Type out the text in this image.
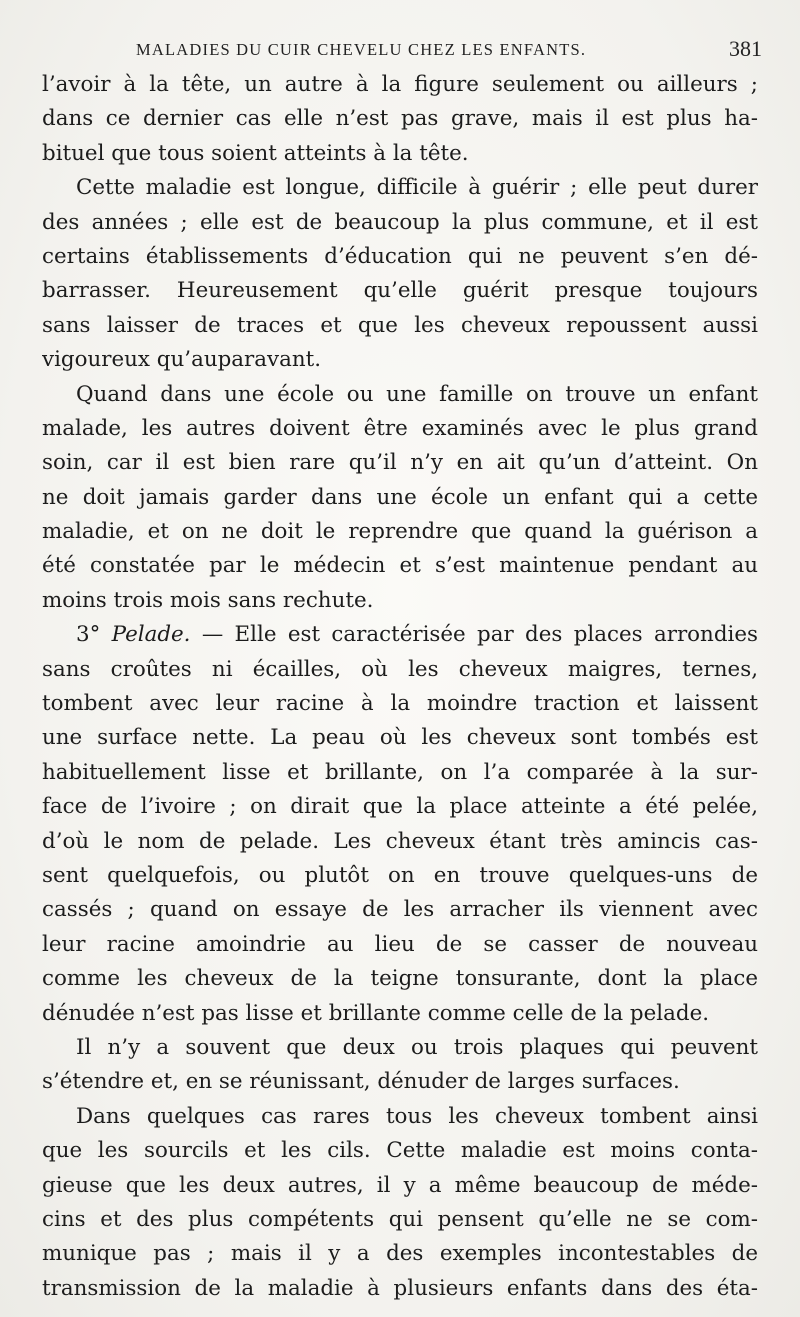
MALADIES DU CUIR CHEVELU CHEZ LES ENFANTS.	381
l’avoir à la tête, un autre à la figure seulement ou ailleurs ;
dans ce dernier cas elle n’est pas grave, mais il est plus ha-
bituel que tous soient atteints à la tête.
Cette maladie est longue, difficile à guérir ; elle peut durer
des années ; elle est de beaucoup la plus commune, et il est
certains établissements d’éducation qui ne peuvent s’en dé-
barrasser. Heureusement qu’elle guérit presque toujours
sans laisser de traces et que les cheveux repoussent aussi
vigoureux qu’auparavant.
Quand dans une école ou une famille on trouve un enfant
malade, les autres doivent être examinés avec le plus grand
soin, car il est bien rare qu’il n’y en ait qu’un d’atteint. On
ne doit jamais garder dans une école un enfant qui a cette
maladie, et on ne doit le reprendre que quand la guérison a
été constatée par le médecin et s’est maintenue pendant au
moins trois mois sans rechute.
3° Pelade. — Elle est caractérisée par des places arrondies
sans croûtes ni écailles, où les cheveux maigres, ternes,
tombent avec leur racine à la moindre traction et laissent
une surface nette. La peau où les cheveux sont tombés est
habituellement lisse et brillante, on l’a comparée à la sur-
face de l’ivoire ; on dirait que la place atteinte a été pelée,
d’où le nom de pelade. Les cheveux étant très amincis cas-
sent quelquefois, ou plutôt on en trouve quelques-uns de
cassés ; quand on essaye de les arracher ils viennent avec
leur racine amoindrie au lieu de se casser de nouveau
comme les cheveux de la teigne tonsurante, dont la place
dénudée n’est pas lisse et brillante comme celle de la pelade.
Il n’y a souvent que deux ou trois plaques qui peuvent
s’étendre et, en se réunissant, dénuder de larges surfaces.
Dans quelques cas rares tous les cheveux tombent ainsi
que les sourcils et les cils. Cette maladie est moins conta-
gieuse que les deux autres, il y a même beaucoup de méde-
cins et des plus compétents qui pensent qu’elle ne se com-
munique pas ; mais il y a des exemples incontestables de
transmission de la maladie à plusieurs enfants dans des éta-
